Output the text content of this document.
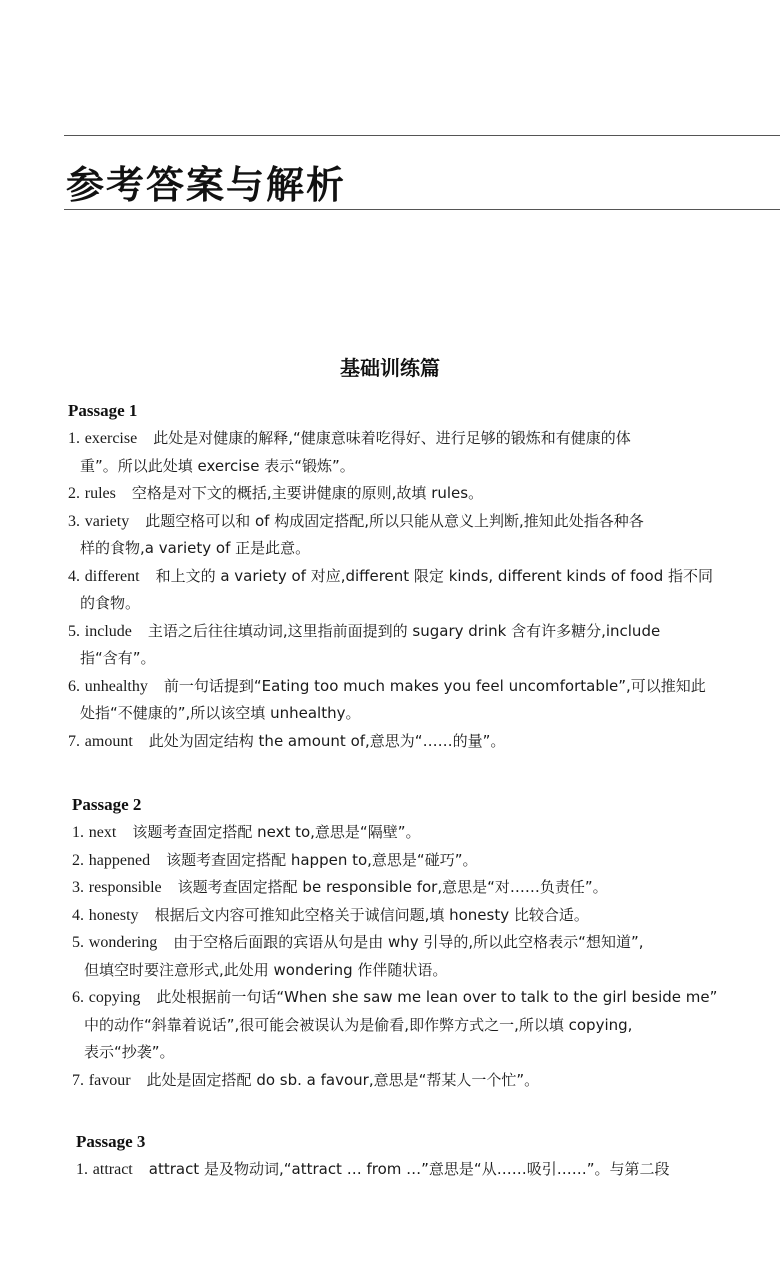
参考答案与解析
基础训练篇
Passage 1
1. exercise 此处是对健康的解释,“健康意味着吃得好、进行足够的锻炼和有健康的体
重”。所以此处填 exercise 表示“锻炼”。
2. rules 空格是对下文的概括,主要讲健康的原则,故填 rules。
3. variety 此题空格可以和 of 构成固定搭配,所以只能从意义上判断,推知此处指各种各
样的食物,a variety of 正是此意。
4. different 和上文的 a variety of 对应,different 限定 kinds, different kinds of food 指不同
的食物。
5. include 主语之后往往填动词,这里指前面提到的 sugary drink 含有许多糖分,include
指“含有”。
6. unhealthy 前一句话提到“Eating too much makes you feel uncomfortable”,可以推知此
处指“不健康的”,所以该空填 unhealthy。
7. amount 此处为固定结构 the amount of,意思为“……的量”。
Passage 2
1. next 该题考查固定搭配 next to,意思是“隔壁”。
2. happened 该题考查固定搭配 happen to,意思是“碰巧”。
3. responsible 该题考查固定搭配 be responsible for,意思是“对……负责任”。
4. honesty 根据后文内容可推知此空格关于诚信问题,填 honesty 比较合适。
5. wondering 由于空格后面跟的宾语从句是由 why 引导的,所以此空格表示“想知道”,
但填空时要注意形式,此处用 wondering 作伴随状语。
6. copying 此处根据前一句话“When she saw me lean over to talk to the girl beside me”
中的动作“斜靠着说话”,很可能会被误认为是偷看,即作弊方式之一,所以填 copying,
表示“抄袭”。
7. favour 此处是固定搭配 do sb. a favour,意思是“帮某人一个忙”。
Passage 3
1. attract attract 是及物动词,“attract … from …”意思是“从……吸引……”。与第二段
